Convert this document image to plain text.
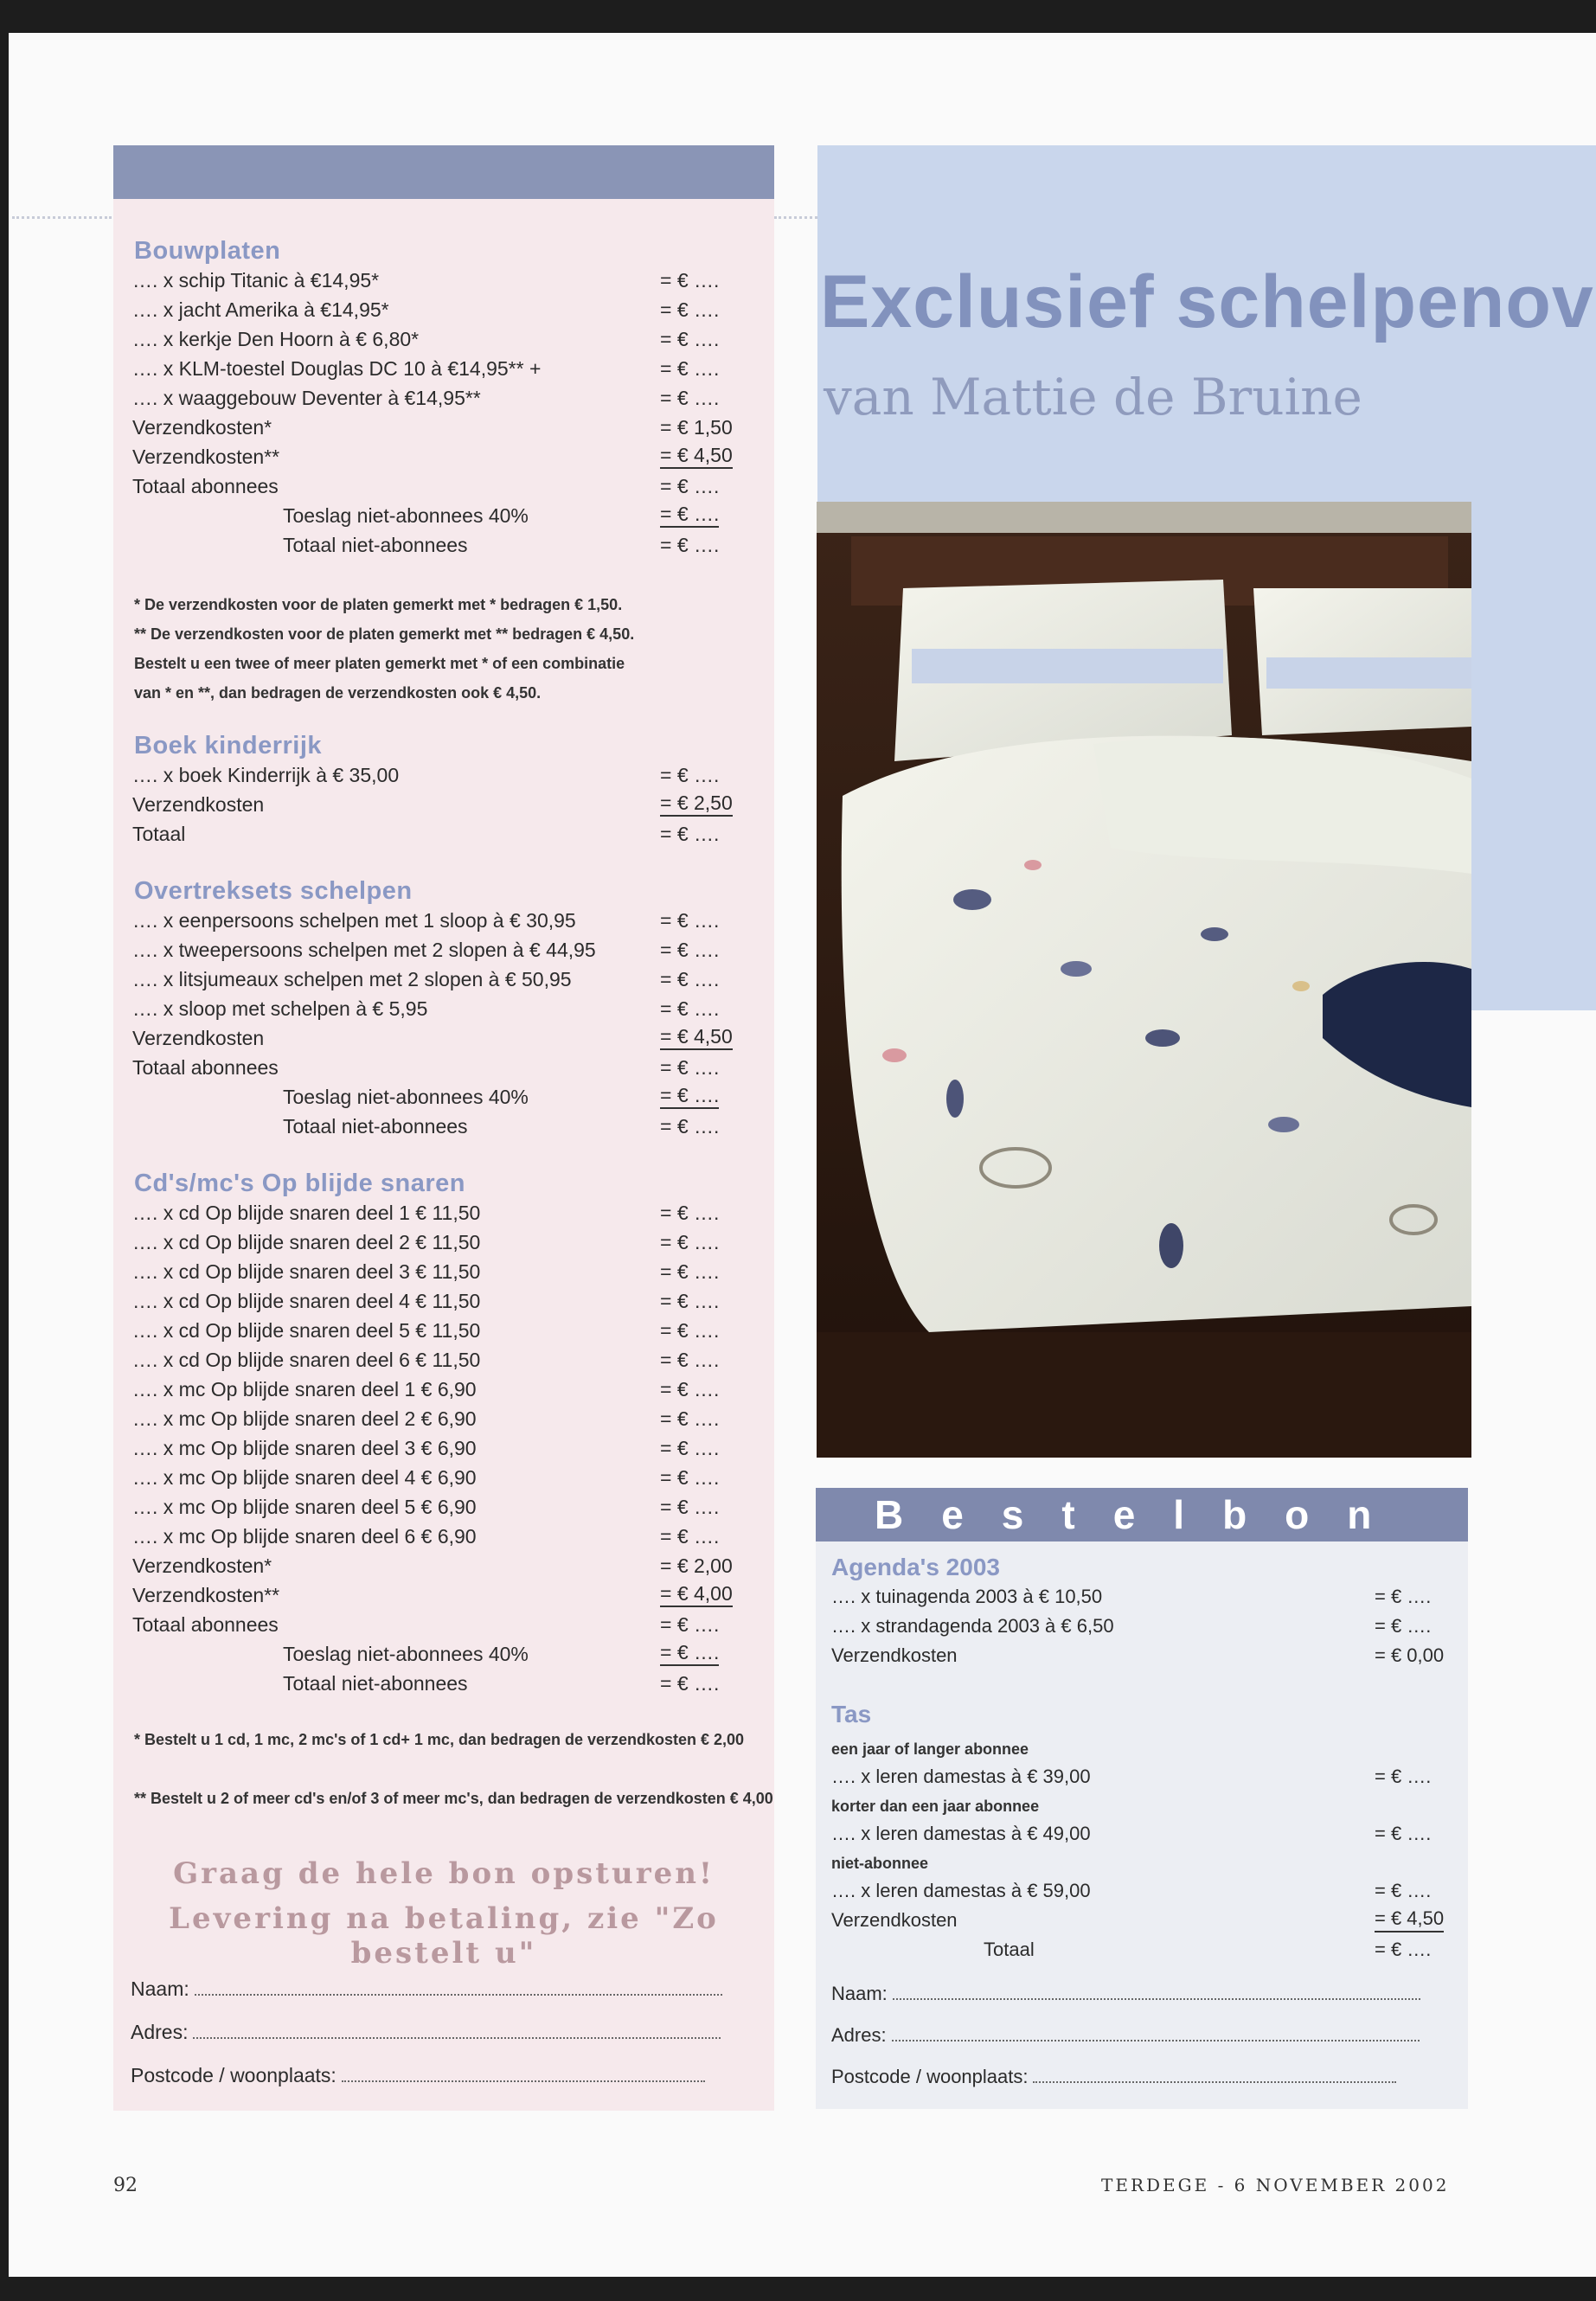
Bouwplaten
…. x schip Titanic à €14,95*	= € ….
…. x jacht Amerika à €14,95*	= € ….
…. x kerkje Den Hoorn à € 6,80*	= € ….
…. x KLM-toestel Douglas DC 10 à €14,95** +	= € ….
…. x waaggebouw Deventer à €14,95**	= € ….
Verzendkosten*	= € 1,50
Verzendkosten**	= € 4,50
Totaal abonnees	= € ….
Toeslag niet-abonnees 40%	= € ….
Totaal niet-abonnees	= € ….
* De verzendkosten voor de platen gemerkt met * bedragen € 1,50.
** De verzendkosten voor de platen gemerkt met ** bedragen € 4,50.
Bestelt u een twee of meer platen gemerkt met * of een combinatie
van * en **, dan bedragen de verzendkosten ook € 4,50.
Boek kinderrijk
…. x boek Kinderrijk à € 35,00	= € ….
Verzendkosten	= € 2,50
Totaal	= € ….
Overtreksets schelpen
…. x eenpersoons schelpen met 1 sloop à € 30,95	= € ….
…. x tweepersoons schelpen met 2 slopen à € 44,95	= € ….
…. x litsjumeaux schelpen met 2 slopen à € 50,95	= € ….
…. x sloop met schelpen à € 5,95	= € ….
Verzendkosten	= € 4,50
Totaal abonnees	= € ….
Toeslag niet-abonnees 40%	= € ….
Totaal niet-abonnees	= € ….
Cd's/mc's Op blijde snaren
…. x cd Op blijde snaren deel 1 € 11,50	= € ….
…. x cd Op blijde snaren deel 2 € 11,50	= € ….
…. x cd Op blijde snaren deel 3 € 11,50	= € ….
…. x cd Op blijde snaren deel 4 € 11,50	= € ….
…. x cd Op blijde snaren deel 5 € 11,50	= € ….
…. x cd Op blijde snaren deel 6 € 11,50	= € ….
…. x mc Op blijde snaren deel 1 € 6,90	= € ….
…. x mc Op blijde snaren deel 2 € 6,90	= € ….
…. x mc Op blijde snaren deel 3 € 6,90	= € ….
…. x mc Op blijde snaren deel 4 € 6,90	= € ….
…. x mc Op blijde snaren deel 5 € 6,90	= € ….
…. x mc Op blijde snaren deel 6 € 6,90	= € ….
Verzendkosten*	= € 2,00
Verzendkosten**	= € 4,00
Totaal abonnees	= € ….
Toeslag niet-abonnees 40%	= € ….
Totaal niet-abonnees	= € ….
* Bestelt u 1 cd, 1 mc, 2 mc's of 1 cd+ 1 mc, dan bedragen de verzendkosten € 2,00
** Bestelt u 2 of meer cd's en/of 3 of meer mc's, dan bedragen de verzendkosten € 4,00
Graag de hele bon opsturen!
Levering na betaling, zie "Zo bestelt u"
Naam:
Adres:
Postcode / woonplaats:
Exclusief schelpenov
van Mattie de Bruine
Bestelbon
Agenda's 2003
…. x tuinagenda 2003 à € 10,50	= € ….
…. x strandagenda 2003 à € 6,50	= € ….
Verzendkosten	= € 0,00
Tas
een jaar of langer abonnee
…. x leren damestas à € 39,00	= € ….
korter dan een jaar abonnee
…. x leren damestas à € 49,00	= € ….
niet-abonnee
…. x leren damestas à € 59,00	= € ….
Verzendkosten	= € 4,50
Totaal	= € ….
Naam:
Adres:
Postcode / woonplaats:
92	TERDEGE - 6 NOVEMBER 2002
